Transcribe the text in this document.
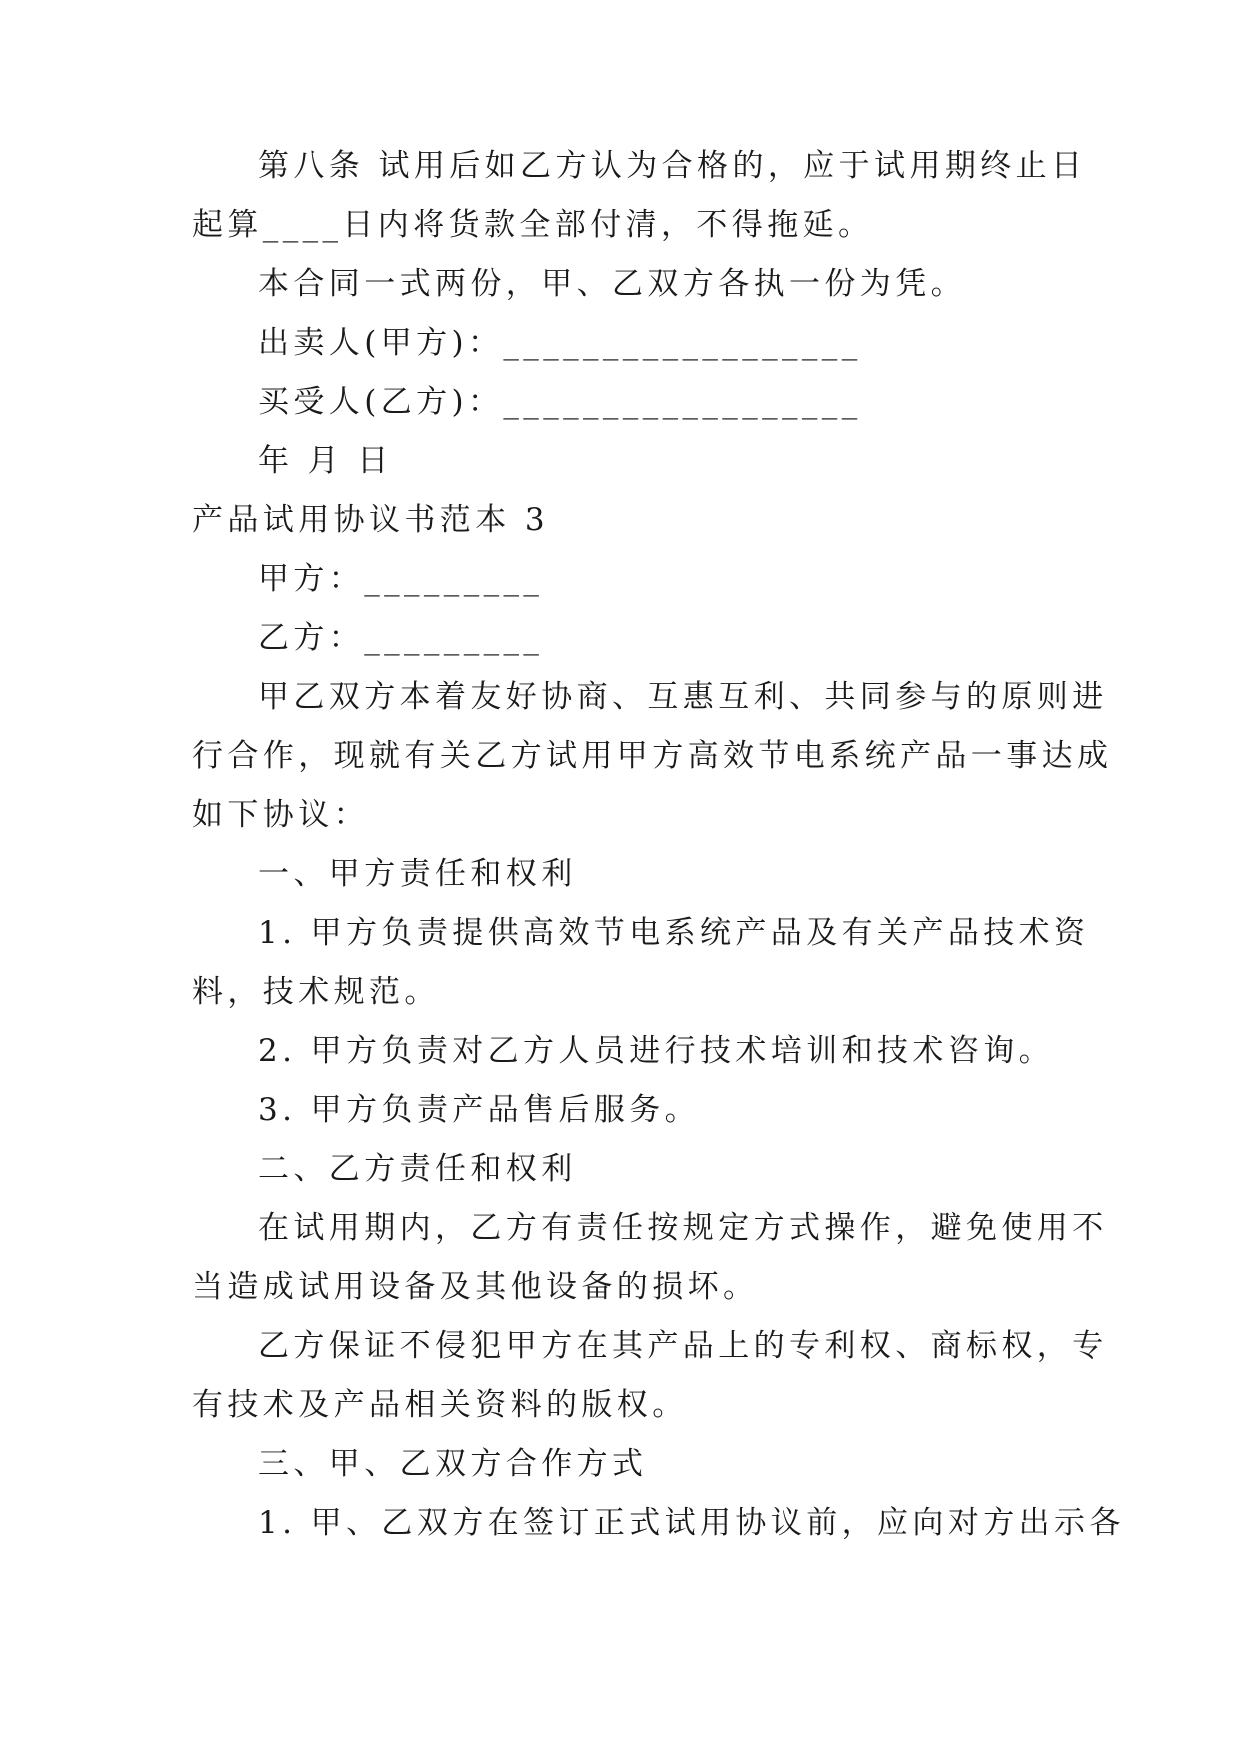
第八条 试用后如乙方认为合格的，应于试用期终止日
起算____日内将货款全部付清，不得拖延。
本合同一式两份，甲、乙双方各执一份为凭。
出卖人(甲方)：__________________
买受人(乙方)：__________________
年 月 日
产品试用协议书范本 3
甲方：_________
乙方：_________
甲乙双方本着友好协商、互惠互利、共同参与的原则进
行合作，现就有关乙方试用甲方高效节电系统产品一事达成
如下协议：
一、甲方责任和权利
1. 甲方负责提供高效节电系统产品及有关产品技术资
料，技术规范。
2. 甲方负责对乙方人员进行技术培训和技术咨询。
3. 甲方负责产品售后服务。
二、乙方责任和权利
在试用期内，乙方有责任按规定方式操作，避免使用不
当造成试用设备及其他设备的损坏。
乙方保证不侵犯甲方在其产品上的专利权、商标权，专
有技术及产品相关资料的版权。
三、甲、乙双方合作方式
1. 甲、乙双方在签订正式试用协议前，应向对方出示各
